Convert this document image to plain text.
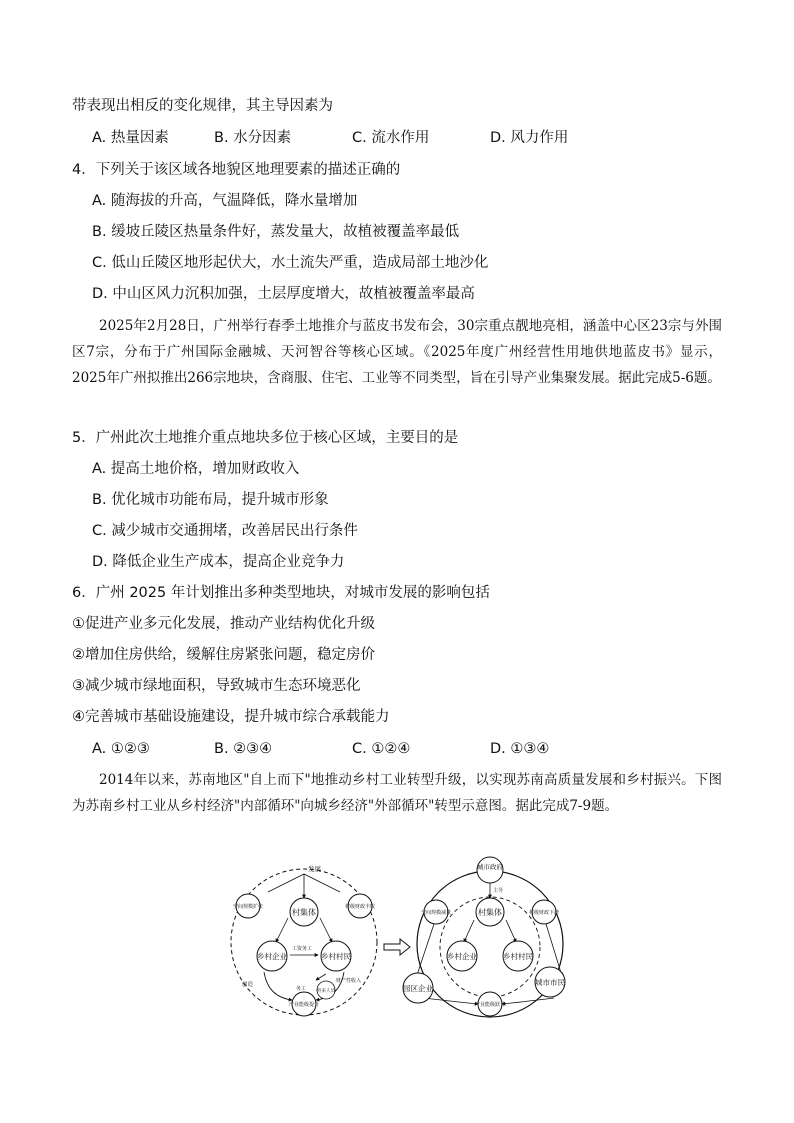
带表现出相反的变化规律，其主导因素为
A. 热量因素	B. 水分因素	C. 流水作用	D. 风力作用
4．下列关于该区域各地貌区地理要素的描述正确的
A. 随海拔的升高，气温降低，降水量增加
B. 缓坡丘陵区热量条件好，蒸发量大，故植被覆盖率最低
C. 低山丘陵区地形起伏大，水土流失严重，造成局部土地沙化
D. 中山区风力沉积加强，土层厚度增大，故植被覆盖率最高
2025年2月28日，广州举行春季土地推介与蓝皮书发布会，30宗重点靓地亮相，涵盖中心区23宗与外围区7宗，分布于广州国际金融城、天河智谷等核心区域。《2025年度广州经营性用地供地蓝皮书》显示，2025年广州拟推出266宗地块，含商服、住宅、工业等不同类型，旨在引导产业集聚发展。据此完成5-6题。
5．广州此次土地推介重点地块多位于核心区域，主要目的是
A. 提高土地价格，增加财政收入
B. 优化城市功能布局，提升城市形象
C. 减少城市交通拥堵，改善居民出行条件
D. 降低企业生产成本，提高企业竞争力
6．广州 2025 年计划推出多种类型地块，对城市发展的影响包括
①促进产业多元化发展，推动产业结构优化升级
②增加住房供给，缓解住房紧张问题，稳定房价
③减少城市绿地面积，导致城市生态环境恶化
④完善城市基础设施建设，提升城市综合承载能力
A. ①②③	B. ②③④	C. ①②④	D. ①③④
2014年以来，苏南地区"自上而下"地推动乡村工业转型升级，以实现苏南高质量发展和乡村振兴。下图为苏南乡村工业从乡村经济"内部循环"向城乡经济"外部循环"转型示意图。据此完成7-9题。
发展
村集体
空间规模扩张	村级财政丰收
乡村企业	乡村村民
产业能级提升
外来人员
工资务工
创造
财产性收入
务工
主导
城市政府
村集体
空间规模减量	村级财政下滑
乡村企业	乡村村民
园区企业
城市市民
产业能级跃升
